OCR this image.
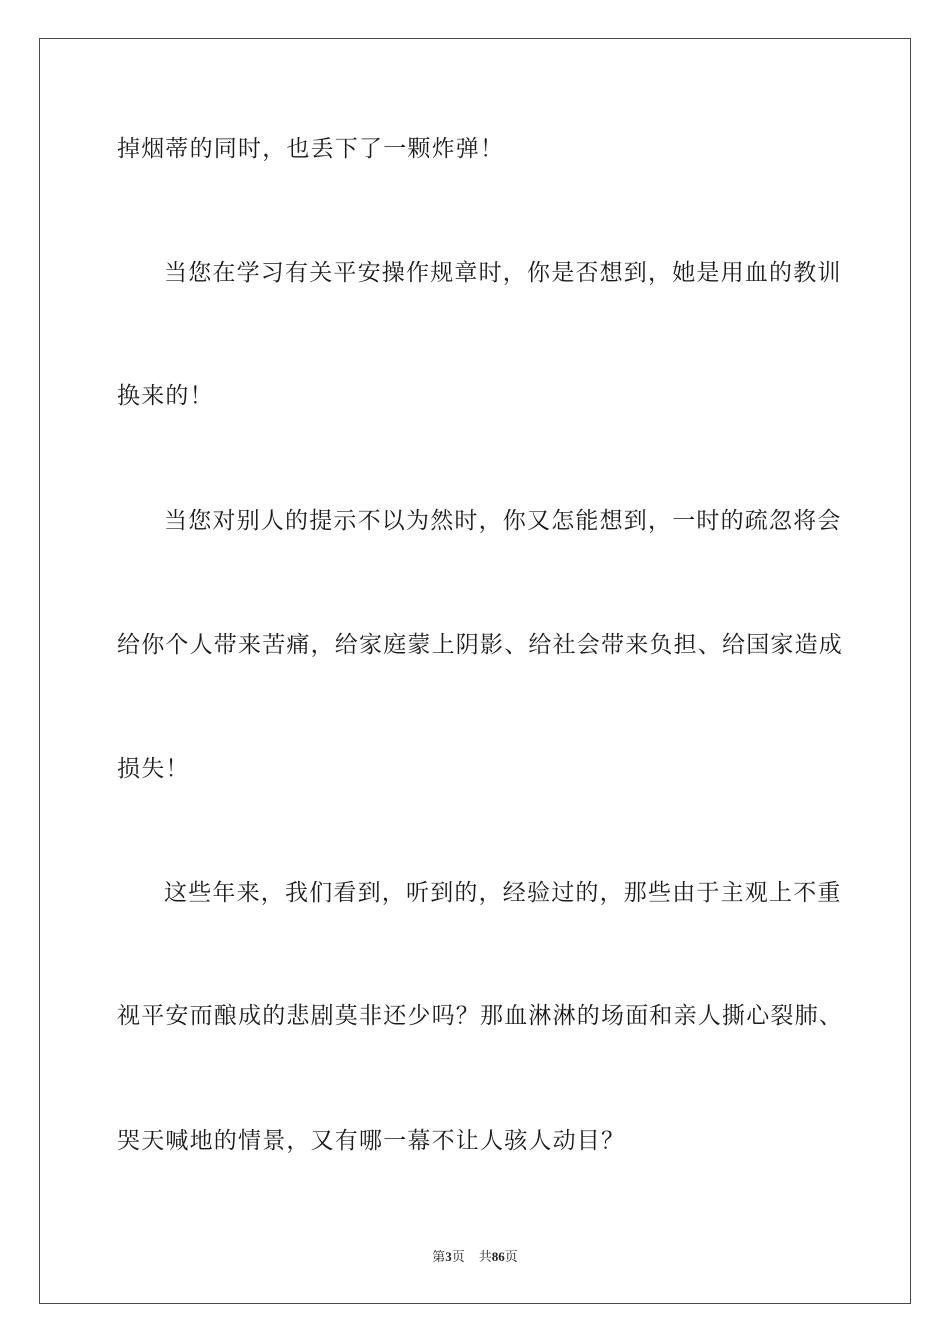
掉烟蒂的同时，也丢下了一颗炸弹！
当您在学习有关平安操作规章时，你是否想到，她是用血的教训
换来的！
当您对别人的提示不以为然时，你又怎能想到，一时的疏忽将会
给你个人带来苦痛，给家庭蒙上阴影、给社会带来负担、给国家造成
损失！
这些年来，我们看到，听到的，经验过的，那些由于主观上不重
视平安而酿成的悲剧莫非还少吗？那血淋淋的场面和亲人撕心裂肺、
哭天喊地的情景，又有哪一幕不让人骇人动目？
第3页 共86页
